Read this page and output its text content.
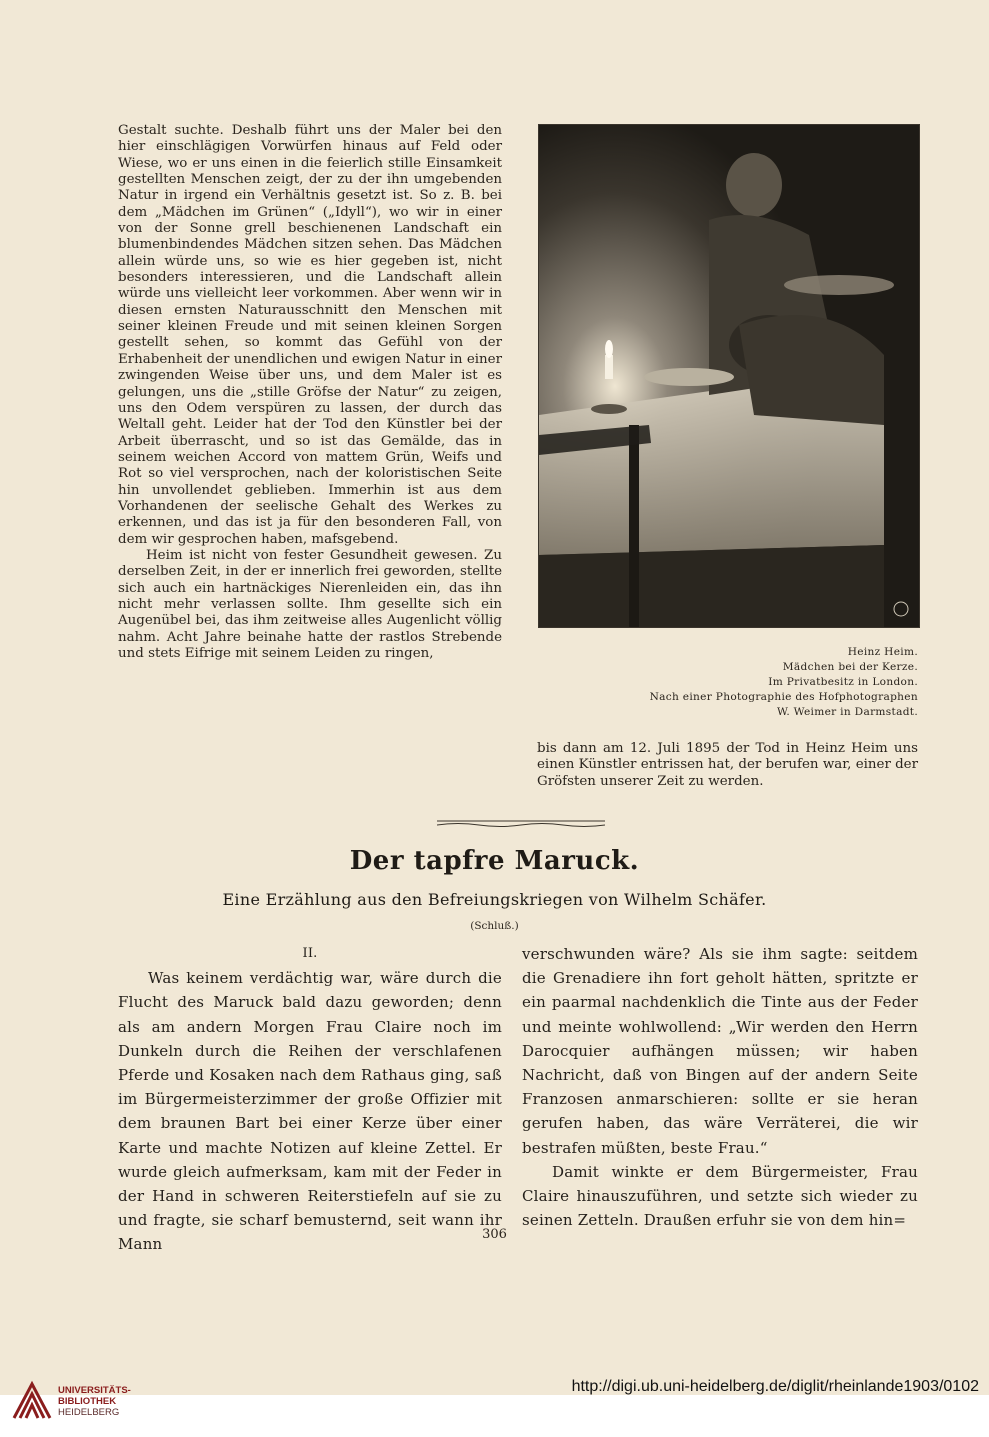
Gestalt suchte. Deshalb führt uns der Maler bei den hier einschlägigen Vorwürfen hinaus auf Feld oder Wiese, wo er uns einen in die feierlich stille Einsamkeit gestellten Menschen zeigt, der zu der ihn umgebenden Natur in irgend ein Verhältnis gesetzt ist. So z. B. bei dem „Mädchen im Grünen“ („Idyll“), wo wir in einer von der Sonne grell beschienenen Landschaft ein blumenbindendes Mädchen sitzen sehen. Das Mädchen allein würde uns, so wie es hier gegeben ist, nicht besonders interessieren, und die Landschaft allein würde uns vielleicht leer vorkommen. Aber wenn wir in diesen ernsten Naturausschnitt den Menschen mit seiner kleinen Freude und mit seinen kleinen Sorgen gestellt sehen, so kommt das Gefühl von der Erhabenheit der unendlichen und ewigen Natur in einer zwingenden Weise über uns, und dem Maler ist es gelungen, uns die „stille Gröfse der Natur“ zu zeigen, uns den Odem verspüren zu lassen, der durch das Weltall geht. Leider hat der Tod den Künstler bei der Arbeit überrascht, und so ist das Gemälde, das in seinem weichen Accord von mattem Grün, Weifs und Rot so viel versprochen, nach der koloristischen Seite hin unvollendet geblieben. Immerhin ist aus dem Vorhandenen der seelische Gehalt des Werkes zu erkennen, und das ist ja für den besonderen Fall, von dem wir gesprochen haben, mafsgebend.

Heim ist nicht von fester Gesundheit gewesen. Zu derselben Zeit, in der er innerlich frei geworden, stellte sich auch ein hartnäckiges Nierenleiden ein, das ihn nicht mehr verlassen sollte. Ihm gesellte sich ein Augenübel bei, das ihm zeitweise alles Augenlicht völlig nahm. Acht Jahre beinahe hatte der rastlos Strebende und stets Eifrige mit seinem Leiden zu ringen,	Heinz Heim.
Mädchen bei der Kerze.
Im Privatbesitz in London.
Nach einer Photographie des Hofphotographen
W. Weimer in Darmstadt.

bis dann am 12. Juli 1895 der Tod in Heinz Heim uns einen Künstler entrissen hat, der berufen war, einer der Gröfsten unserer Zeit zu werden.

Der tapfre Maruck.
Eine Erzählung aus den Befreiungskriegen von Wilhelm Schäfer.
(Schluß.)

II.

Was keinem verdächtig war, wäre durch die Flucht des Maruck bald dazu geworden; denn als am andern Morgen Frau Claire noch im Dunkeln durch die Reihen der verschlafenen Pferde und Kosaken nach dem Rathaus ging, saß im Bürgermeisterzimmer der große Offizier mit dem braunen Bart bei einer Kerze über einer Karte und machte Notizen auf kleine Zettel. Er wurde gleich aufmerksam, kam mit der Feder in der Hand in schweren Reiterstiefeln auf sie zu und fragte, sie scharf bemusternd, seit wann ihr Mann

verschwunden wäre? Als sie ihm sagte: seitdem die Grenadiere ihn fort geholt hätten, spritzte er ein paarmal nachdenklich die Tinte aus der Feder und meinte wohlwollend: „Wir werden den Herrn Darocquier aufhängen müssen; wir haben Nachricht, daß von Bingen auf der andern Seite Franzosen anmarschieren: sollte er sie heran gerufen haben, das wäre Verräterei, die wir bestrafen müßten, beste Frau.“

Damit winkte er dem Bürgermeister, Frau Claire hinauszuführen, und setzte sich wieder zu seinen Zetteln. Draußen erfuhr sie von dem hin=

306
UNIVERSITÄTS-
BIBLIOTHEK
HEIDELBERG
http://digi.ub.uni-heidelberg.de/diglit/rheinlande1903/0102
